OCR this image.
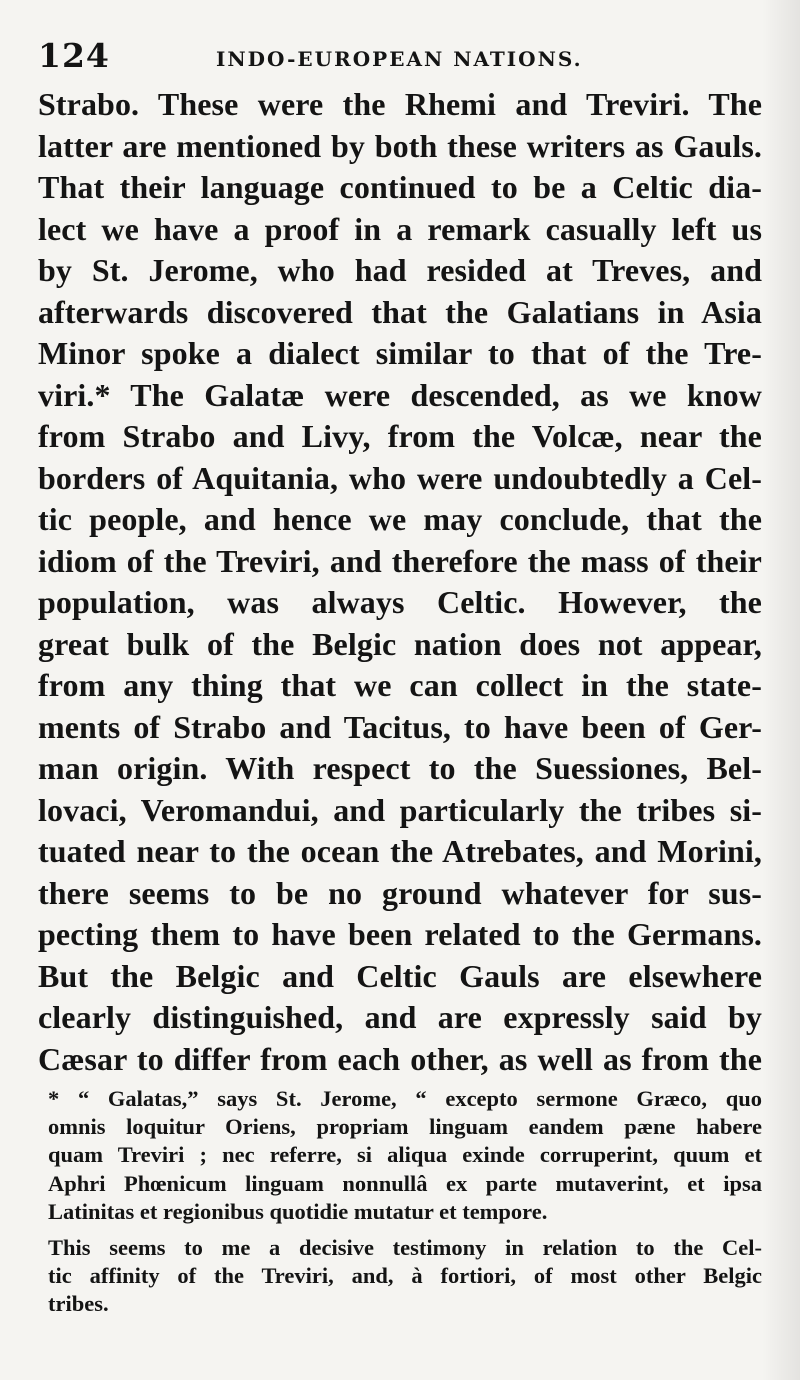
124	INDO-EUROPEAN NATIONS.
Strabo. These were the Rhemi and Treviri. The
latter are mentioned by both these writers as Gauls.
That their language continued to be a Celtic dia-
lect we have a proof in a remark casually left us
by St. Jerome, who had resided at Treves, and
afterwards discovered that the Galatians in Asia
Minor spoke a dialect similar to that of the Tre-
viri.* The Galatæ were descended, as we know
from Strabo and Livy, from the Volcæ, near the
borders of Aquitania, who were undoubtedly a Cel-
tic people, and hence we may conclude, that the
idiom of the Treviri, and therefore the mass of their
population, was always Celtic. However, the
great bulk of the Belgic nation does not appear,
from any thing that we can collect in the state-
ments of Strabo and Tacitus, to have been of Ger-
man origin. With respect to the Suessiones, Bel-
lovaci, Veromandui, and particularly the tribes si-
tuated near to the ocean the Atrebates, and Morini,
there seems to be no ground whatever for sus-
pecting them to have been related to the Germans.
But the Belgic and Celtic Gauls are elsewhere
clearly distinguished, and are expressly said by
Cæsar to differ from each other, as well as from the
* “ Galatas,” says St. Jerome, “ excepto sermone Græco, quo
omnis loquitur Oriens, propriam linguam eandem pæne habere
quam Treviri ; nec referre, si aliqua exinde corruperint, quum et
Aphri Phœnicum linguam nonnullâ ex parte mutaverint, et ipsa
Latinitas et regionibus quotidie mutatur et tempore.
This seems to me a decisive testimony in relation to the Cel-
tic affinity of the Treviri, and, à fortiori, of most other Belgic
tribes.
